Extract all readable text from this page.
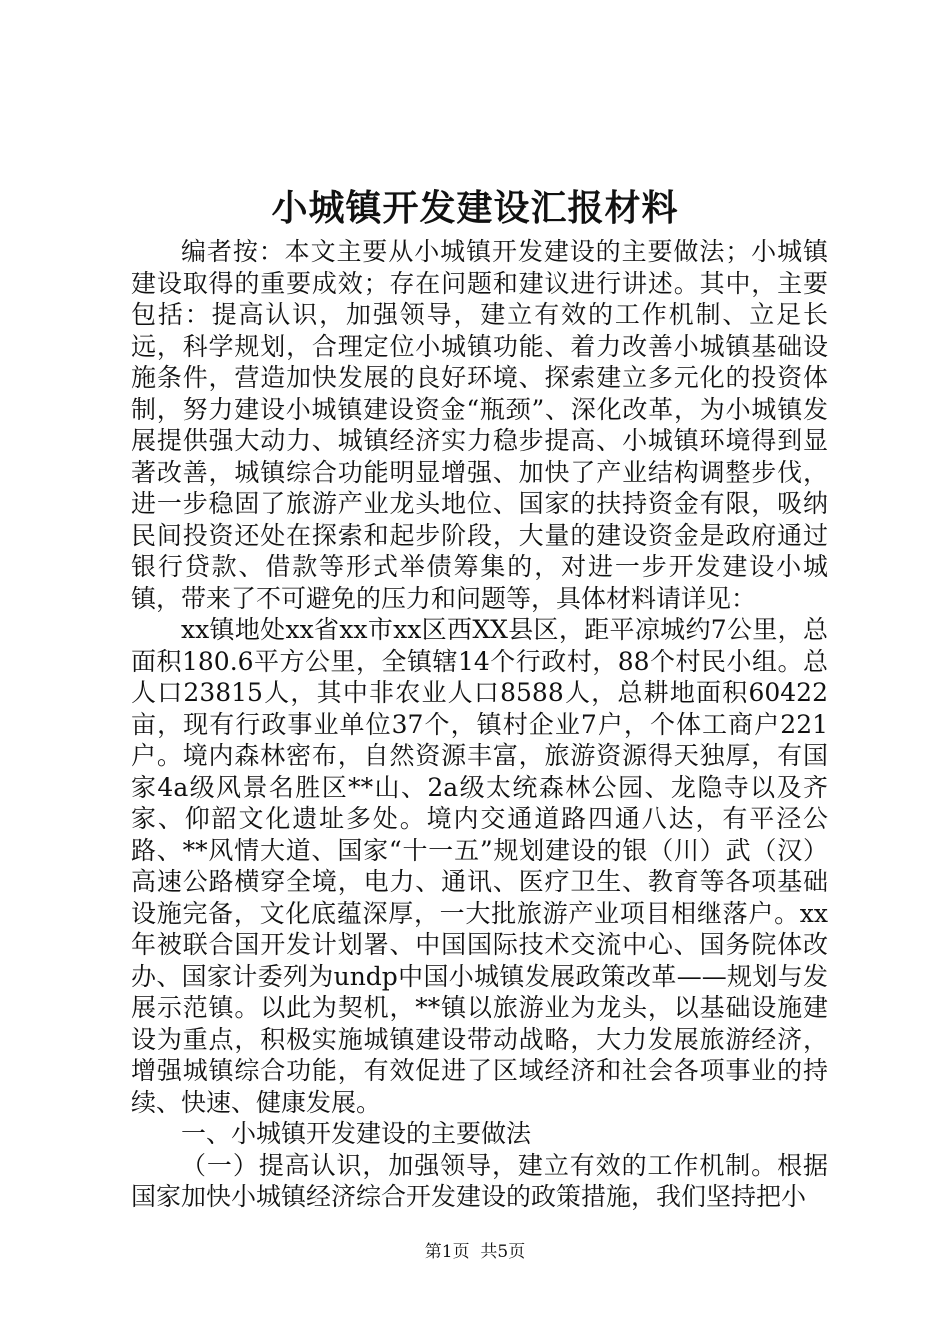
小城镇开发建设汇报材料

编者按：本文主要从小城镇开发建设的主要做法；小城镇建设取得的重要成效；存在问题和建议进行讲述。其中，主要包括：提高认识，加强领导，建立有效的工作机制、立足长远，科学规划，合理定位小城镇功能、着力改善小城镇基础设施条件，营造加快发展的良好环境、探索建立多元化的投资体制，努力建设小城镇建设资金“瓶颈”、深化改革，为小城镇发展提供强大动力、城镇经济实力稳步提高、小城镇环境得到显著改善，城镇综合功能明显增强、加快了产业结构调整步伐，进一步稳固了旅游产业龙头地位、国家的扶持资金有限，吸纳民间投资还处在探索和起步阶段，大量的建设资金是政府通过银行贷款、借款等形式举债筹集的，对进一步开发建设小城镇，带来了不可避免的压力和问题等，具体材料请详见：

xx镇地处xx省xx市xx区西XX县区，距平凉城约7公里，总面积180.6平方公里，全镇辖14个行政村，88个村民小组。总人口23815人，其中非农业人口8588人，总耕地面积60422亩，现有行政事业单位37个，镇村企业7户，个体工商户221户。境内森林密布，自然资源丰富，旅游资源得天独厚，有国家4a级风景名胜区**山、2a级太统森林公园、龙隐寺以及齐家、仰韶文化遗址多处。境内交通道路四通八达，有平泾公路、**风情大道、国家“十一五”规划建设的银（川）武（汉）高速公路横穿全境，电力、通讯、医疗卫生、教育等各项基础设施完备，文化底蕴深厚，一大批旅游产业项目相继落户。xx年被联合国开发计划署、中国国际技术交流中心、国务院体改办、国家计委列为undp中国小城镇发展政策改革——规划与发展示范镇。以此为契机，**镇以旅游业为龙头，以基础设施建设为重点，积极实施城镇建设带动战略，大力发展旅游经济，增强城镇综合功能，有效促进了区域经济和社会各项事业的持续、快速、健康发展。

一、小城镇开发建设的主要做法

（一）提高认识，加强领导，建立有效的工作机制。根据国家加快小城镇经济综合开发建设的政策措施，我们坚持把小

第1页 共5页
